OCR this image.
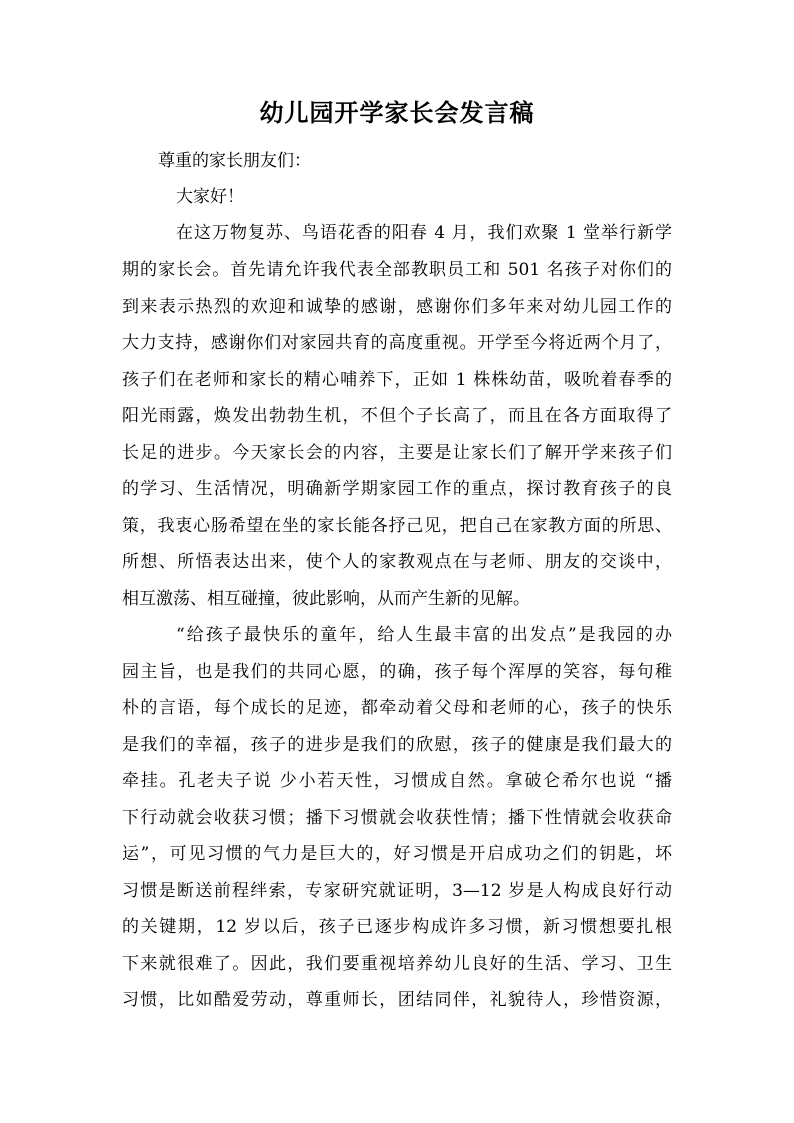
幼儿园开学家长会发言稿
尊重的家长朋友们：
大家好！
在这万物复苏、鸟语花香的阳春 4 月，我们欢聚 1 堂举行新学
期的家长会。首先请允许我代表全部教职员工和 501 名孩子对你们的
到来表示热烈的欢迎和诚挚的感谢，感谢你们多年来对幼儿园工作的
大力支持，感谢你们对家园共育的高度重视。开学至今将近两个月了，
孩子们在老师和家长的精心哺养下，正如 1 株株幼苗，吸吮着春季的
阳光雨露，焕发出勃勃生机，不但个子长高了，而且在各方面取得了
长足的进步。今天家长会的内容，主要是让家长们了解开学来孩子们
的学习、生活情况，明确新学期家园工作的重点，探讨教育孩子的良
策，我衷心肠希望在坐的家长能各抒己见，把自己在家教方面的所思、
所想、所悟表达出来，使个人的家教观点在与老师、朋友的交谈中，
相互激荡、相互碰撞，彼此影响，从而产生新的见解。
“给孩子最快乐的童年，给人生最丰富的出发点”是我园的办
园主旨，也是我们的共同心愿，的确，孩子每个浑厚的笑容，每句稚
朴的言语，每个成长的足迹，都牵动着父母和老师的心，孩子的快乐
是我们的幸福，孩子的进步是我们的欣慰，孩子的健康是我们最大的
牵挂。孔老夫子说 少小若天性，习惯成自然。拿破仑希尔也说 “播
下行动就会收获习惯；播下习惯就会收获性情；播下性情就会收获命
运”，可见习惯的气力是巨大的，好习惯是开启成功之们的钥匙，坏
习惯是断送前程绊索，专家研究就证明，3—12 岁是人构成良好行动
的关键期，12 岁以后，孩子已逐步构成许多习惯，新习惯想要扎根
下来就很难了。因此，我们要重视培养幼儿良好的生活、学习、卫生
习惯，比如酷爱劳动，尊重师长，团结同伴，礼貌待人，珍惜资源，
